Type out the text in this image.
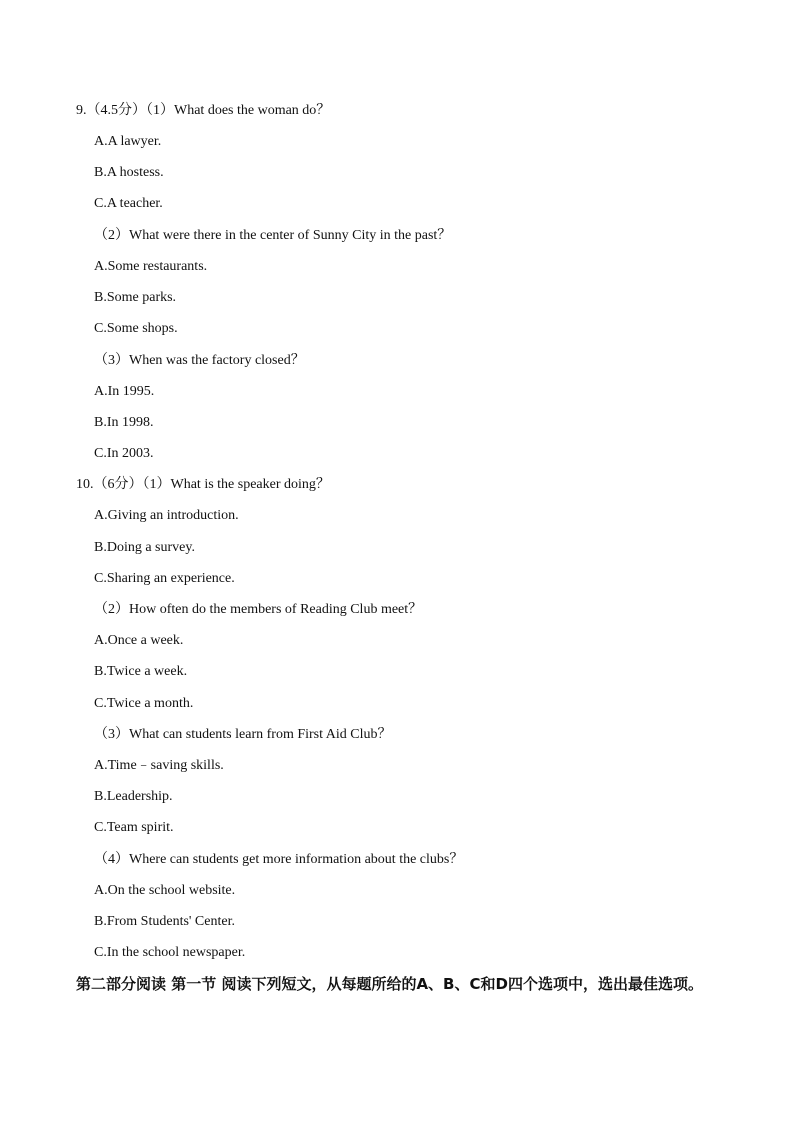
9.（4.5分）（1）What does the woman do？
A.A lawyer.
B.A hostess.
C.A teacher.
（2）What were there in the center of Sunny City in the past？
A.Some restaurants.
B.Some parks.
C.Some shops.
（3）When was the factory closed？
A.In 1995.
B.In 1998.
C.In 2003.
10.（6分）（1）What is the speaker doing？
A.Giving an introduction.
B.Doing a survey.
C.Sharing an experience.
（2）How often do the members of Reading Club meet？
A.Once a week.
B.Twice a week.
C.Twice a month.
（3）What can students learn from First Aid Club？
A.Time﹣saving skills.
B.Leadership.
C.Team spirit.
（4）Where can students get more information about the clubs？
A.On the school website.
B.From Students' Center.
C.In the school newspaper.
第二部分阅读 第一节 阅读下列短文，从每题所给的A、B、C和D四个选项中，选出最佳选项。
